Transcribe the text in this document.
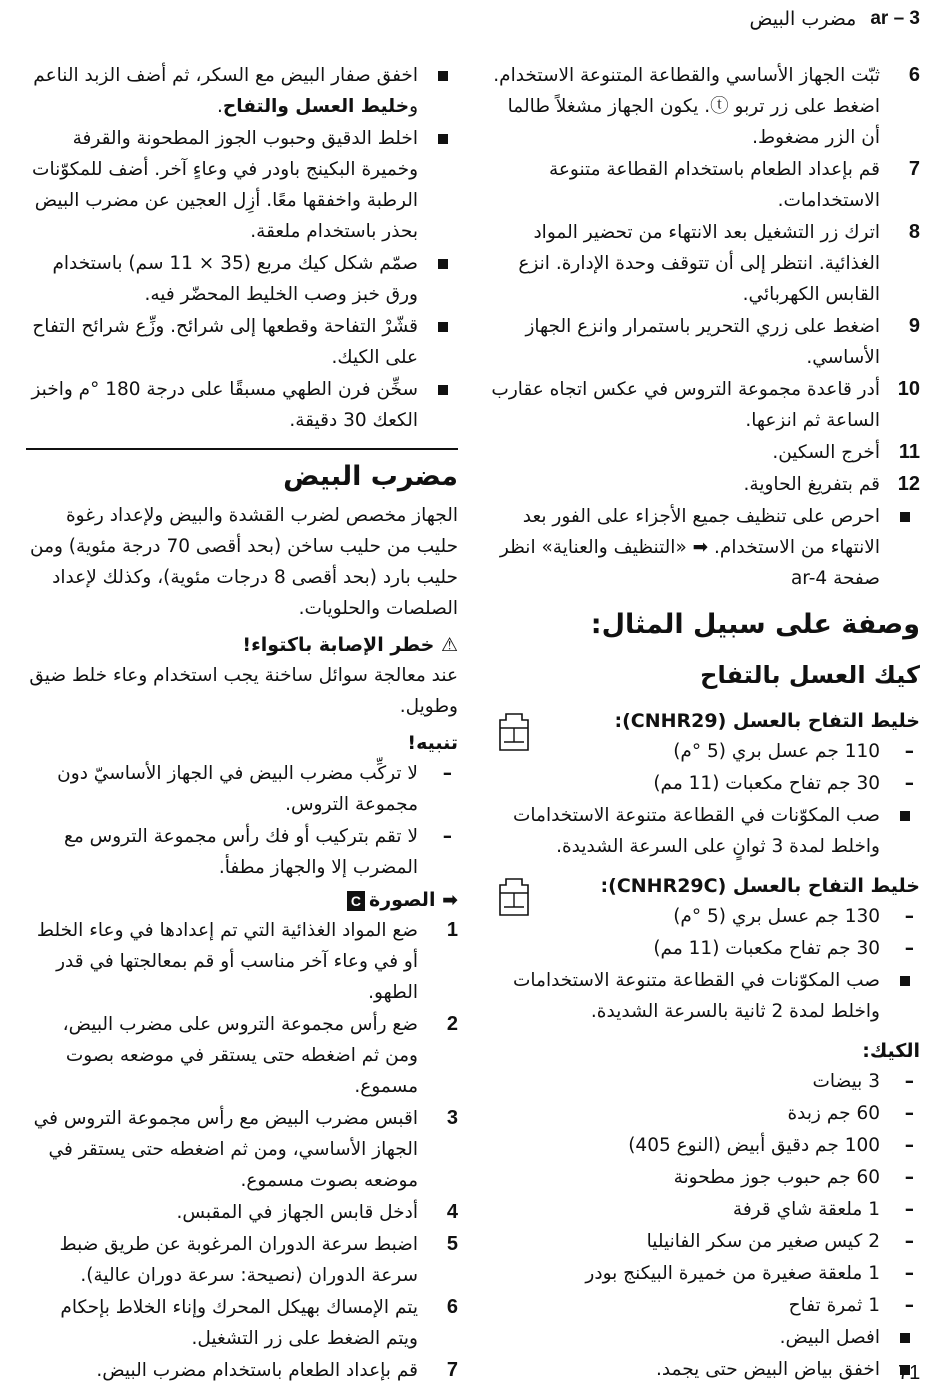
ar – 3
مضرب البيض
6
ثبّت الجهاز الأساسي والقطاعة المتنوعة الاستخدام. اضغط على زر تربو ⓣ. يكون الجهاز مشغلاً طالما أن الزر مضغوط.
7
قم بإعداد الطعام باستخدام القطاعة متنوعة الاستخدامات.
8
اترك زر التشغيل بعد الانتهاء من تحضير المواد الغذائية. انتظر إلى أن تتوقف وحدة الإدارة. انزع القابس الكهربائي.
9
اضغط على زري التحرير باستمرار وانزع الجهاز الأساسي.
10
أدر قاعدة مجموعة التروس في عكس اتجاه عقارب الساعة ثم انزعها.
11
أخرج السكين.
12
قم بتفريغ الحاوية.
احرص على تنظيف جميع الأجزاء على الفور بعد الانتهاء من الاستخدام. ➡ «التنظيف والعناية» انظر صفحة ar-4
وصفة على سبيل المثال:
كيك العسل بالتفاح
خليط التفاح بالعسل (CNHR29):
–
110 جم عسل بري (5 °م)
–
30 جم تفاح مكعبات (11 مم)
صب المكوّنات في القطاعة متنوعة الاستخدامات واخلط لمدة 3 ثوانٍ على السرعة الشديدة.
خليط التفاح بالعسل (CNHR29C):
–
130 جم عسل بري (5 °م)
–
30 جم تفاح مكعبات (11 مم)
صب المكوّنات في القطاعة متنوعة الاستخدامات واخلط لمدة 2 ثانية بالسرعة الشديدة.
الكيك:
–
3 بيضات
–
60 جم زبدة
–
100 جم دقيق أبيض (النوع 405)
–
60 جم حبوب جوز مطحونة
–
1 ملعقة شاي قرفة
–
2 كيس صغير من سكر الفانيليا
–
1 ملعقة صغيرة من خميرة البيكنج بودر
–
1 ثمرة تفاح
افصل البيض.
اخفق بياض البيض حتى يجمد.
اخفق صفار البيض مع السكر، ثم أضف الزبد الناعم وخليط العسل والتفاح.
اخلط الدقيق وحبوب الجوز المطحونة والقرفة وخميرة البكينج باودر في وعاءٍ آخر. أضف للمكوّنات الرطبة واخفقها معًا. أزِل العجين عن مضرب البيض بحذر باستخدام ملعقة.
صمّم شكل كيك مربع (35 × 11 سم) باستخدام ورق خبز وصب الخليط المحضّر فيه.
قشّرْ التفاحة وقطعها إلى شرائح. وزِّع شرائح التفاح على الكيك.
سخِّن فرن الطهي مسبقًا على درجة 180 °م واخبز الكعك 30 دقيقة.
مضرب البيض

الجهاز مخصص لضرب القشدة والبيض ولإعداد رغوة حليب من حليب ساخن (بحد أقصى 70 درجة مئوية) ومن حليب بارد (بحد أقصى 8 درجات مئوية)، وكذلك لإعداد الصلصات والحلويات.

⚠ خطر الإصابة باكتواء!

عند معالجة سوائل ساخنة يجب استخدام وعاء خلط ضيق وطويل.

تنبيه!
–
لا تركِّب مضرب البيض في الجهاز الأساسيّ دون مجموعة التروس.
–
لا تقم بتركيب أو فك رأس مجموعة التروس مع المضرب إلا والجهاز مطفأ.
➡ الصورةC
1
ضع المواد الغذائية التي تم إعدادها في وعاء الخلط أو في وعاء آخر مناسب أو قم بمعالجتها في قدر الطهو.
2
ضع رأس مجموعة التروس على مضرب البيض، ومن ثم اضغطه حتى يستقر في موضعه بصوت مسموع.
3
اقبس مضرب البيض مع رأس مجموعة التروس في الجهاز الأساسي، ومن ثم اضغطه حتى يستقر في موضعه بصوت مسموع.
4
أدخل قابس الجهاز في المقبس.
5
اضبط سرعة الدوران المرغوبة عن طريق ضبط سرعة الدوران (نصيحة: سرعة دوران عالية).
6
يتم الإمساك بهيكل المحرك وإناء الخلاط بإحكام ويتم الضغط على زر التشغيل.
7
قم بإعداد الطعام باستخدام مضرب البيض.	71
